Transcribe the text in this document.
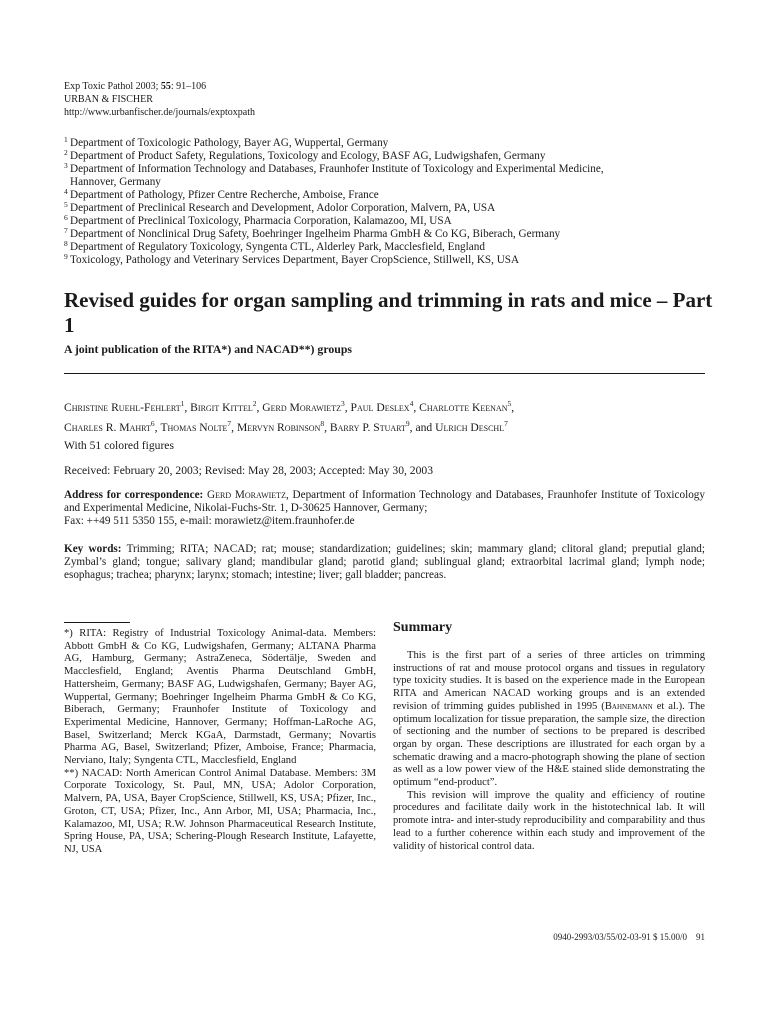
Exp Toxic Pathol 2003; 55: 91–106
URBAN & FISCHER
http://www.urbanfischer.de/journals/exptoxpath
1 Department of Toxicologic Pathology, Bayer AG, Wuppertal, Germany
2 Department of Product Safety, Regulations, Toxicology and Ecology, BASF AG, Ludwigshafen, Germany
3 Department of Information Technology and Databases, Fraunhofer Institute of Toxicology and Experimental Medicine,
Hannover, Germany
4 Department of Pathology, Pfizer Centre Recherche, Amboise, France
5 Department of Preclinical Research and Development, Adolor Corporation, Malvern, PA, USA
6 Department of Preclinical Toxicology, Pharmacia Corporation, Kalamazoo, MI, USA
7 Department of Nonclinical Drug Safety, Boehringer Ingelheim Pharma GmbH & Co KG, Biberach, Germany
8 Department of Regulatory Toxicology, Syngenta CTL, Alderley Park, Macclesfield, England
9 Toxicology, Pathology and Veterinary Services Department, Bayer CropScience, Stillwell, KS, USA
Revised guides for organ sampling and trimming in rats and mice – Part 1
A joint publication of the RITA*) and NACAD**) groups
Christine Ruehl-Fehlert$^1$, Birgit Kittel$^2$, Gerd Morawietz$^3$, Paul Deslex$^4$, Charlotte Keenan$^5$,
Charles R. Mahrt$^6$, Thomas Nolte$^7$, Mervyn Robinson$^8$, Barry P. Stuart$^9$, and Ulrich Deschl$^7$
With 51 colored figures
Received: February 20, 2003; Revised: May 28, 2003; Accepted: May 30, 2003
Address for correspondence: Gerd Morawietz, Department of Information Technology and Databases, Fraunhofer Institute of Toxicology and Experimental Medicine, Nikolai-Fuchs-Str. 1, D-30625 Hannover, Germany;
Fax: ++49 511 5350 155, e-mail: morawietz@item.fraunhofer.de
Key words: Trimming; RITA; NACAD; rat; mouse; standardization; guidelines; skin; mammary gland; clitoral gland; preputial gland; Zymbal’s gland; tongue; salivary gland; mandibular gland; parotid gland; sublingual gland; extraorbital lacrimal gland; lymph node; esophagus; trachea; pharynx; larynx; stomach; intestine; liver; gall bladder; pancreas.

*) RITA: Registry of Industrial Toxicology Animal-data. Members: Abbott GmbH & Co KG, Ludwigshafen, Germany; ALTANA Pharma AG, Hamburg, Germany; AstraZeneca, Södertälje, Sweden and Macclesfield, England; Aventis Pharma Deutschland GmbH, Hattersheim, Germany; BASF AG, Ludwigshafen, Germany; Bayer AG, Wuppertal, Germany; Boehringer Ingelheim Pharma GmbH & Co KG, Biberach, Germany; Fraunhofer Institute of Toxicology and Experimental Medicine, Hannover, Germany; Hoffman-LaRoche AG, Basel, Switzerland; Merck KGaA, Darmstadt, Germany; Novartis Pharma AG, Basel, Switzerland; Pfizer, Amboise, France; Pharmacia, Nerviano, Italy; Syngenta CTL, Macclesfield, England

**) NACAD: North American Control Animal Database. Members: 3M Corporate Toxicology, St. Paul, MN, USA; Adolor Corporation, Malvern, PA, USA, Bayer CropScience, Stillwell, KS, USA; Pfizer, Inc., Groton, CT, USA; Pfizer, Inc., Ann Arbor, MI, USA; Pharmacia, Inc., Kalamazoo, MI, USA; R.W. Johnson Pharmaceutical Research Institute, Spring House, PA, USA; Schering-Plough Research Institute, Lafayette, NJ, USA

Summary

This is the first part of a series of three articles on trimming instructions of rat and mouse protocol organs and tissues in regulatory type toxicity studies. It is based on the experience made in the European RITA and American NACAD working groups and is an extended revision of trimming guides published in 1995 (Bahnemann et al.). The optimum localization for tissue preparation, the sample size, the direction of sectioning and the number of sections to be prepared is described organ by organ. These descriptions are illustrated for each organ by a schematic drawing and a macro-photograph showing the plane of section as well as a low power view of the H&E stained slide demonstrating the optimum “end-product”.

This revision will improve the quality and efficiency of routine procedures and facilitate daily work in the histotechnical lab. It will promote intra- and inter-study reproducibility and comparability and thus lead to a further coherence within each study and improvement of the validity of historical control data.

0940-2993/03/55/02-03-91 $ 15.00/0 91
